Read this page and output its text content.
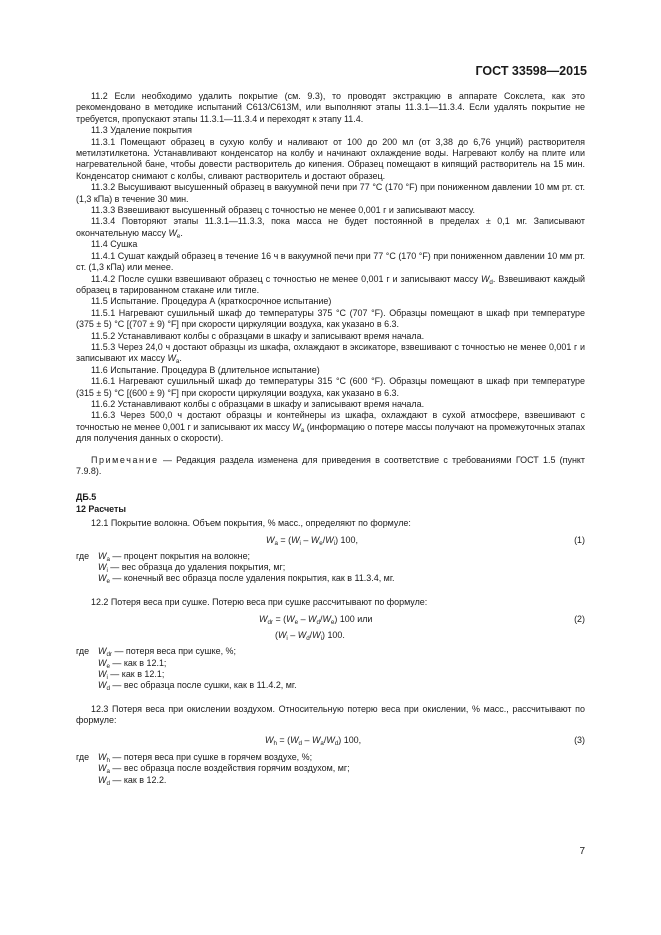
ГОСТ 33598—2015

11.2 Если необходимо удалить покрытие (см. 9.3), то проводят экстракцию в аппарате Сокслета, как это рекомендовано в методике испытаний С613/С613М, или выполняют этапы 11.3.1—11.3.4. Если удалять покрытие не требуется, пропускают этапы 11.3.1—11.3.4 и переходят к этапу 11.4.

11.3 Удаление покрытия

11.3.1 Помещают образец в сухую колбу и наливают от 100 до 200 мл (от 3,38 до 6,76 унций) растворителя метилэтилкетона. Устанавливают конденсатор на колбу и начинают охлаждение воды. Нагревают колбу на плите или нагревательной бане, чтобы довести растворитель до кипения. Образец помещают в кипящий растворитель на 15 мин. Конденсатор снимают с колбы, сливают растворитель и достают образец.

11.3.2 Высушивают высушенный образец в вакуумной печи при 77 °С (170 °F) при пониженном давлении 10 мм рт. ст. (1,3 кПа) в течение 30 мин.

11.3.3 Взвешивают высушенный образец с точностью не менее 0,001 г и записывают массу.

11.3.4 Повторяют этапы 11.3.1—11.3.3, пока масса не будет постоянной в пределах ± 0,1 мг. Записывают окончательную массу $W_e$.

11.4 Сушка

11.4.1 Сушат каждый образец в течение 16 ч в вакуумной печи при 77 °С (170 °F) при пониженном давлении 10 мм рт. ст. (1,3 кПа) или менее.

11.4.2 После сушки взвешивают образец с точностью не менее 0,001 г и записывают массу $W_d$. Взвешивают каждый образец в тарированном стакане или тигле.

11.5 Испытание. Процедура А (краткосрочное испытание)

11.5.1 Нагревают сушильный шкаф до температуры 375 °С (707 °F). Образцы помещают в шкаф при температуре (375 ± 5) °С [(707 ± 9) °F] при скорости циркуляции воздуха, как указано в 6.3.

11.5.2 Устанавливают колбы с образцами в шкафу и записывают время начала.

11.5.3 Через 24,0 ч достают образцы из шкафа, охлаждают в эксикаторе, взвешивают с точностью не менее 0,001 г и записывают их массу $W_a$.

11.6 Испытание. Процедура В (длительное испытание)

11.6.1 Нагревают сушильный шкаф до температуры 315 °С (600 °F). Образцы помещают в шкаф при температуре (315 ± 5) °С [(600 ± 9) °F] при скорости циркуляции воздуха, как указано в 6.3.

11.6.2 Устанавливают колбы с образцами в шкафу и записывают время начала.

11.6.3 Через 500,0 ч достают образцы и контейнеры из шкафа, охлаждают в сухой атмосфере, взвешивают с точностью не менее 0,001 г и записывают их массу $W_a$ (информацию о потере массы получают на промежуточных этапах для получения данных о скорости).

Примечание — Редакция раздела изменена для приведения в соответствие с требованиями ГОСТ 1.5 (пункт 7.9.8).

ДБ.5
12 Расчеты

12.1 Покрытие волокна. Объем покрытия, % масс., определяют по формуле:

$W_a = (W_i - W_e/W_i)$ 100,	(1)
где	$W_a$ — процент покрытия на волокне;
$W_i$ — вес образца до удаления покрытия, мг;
$W_e$ — конечный вес образца после удаления покрытия, как в 11.3.4, мг.

12.2 Потеря веса при сушке. Потерю веса при сушке рассчитывают по формуле:

$W_{dr} = (W_e - W_d/W_e)$ 100 или	(2)
$(W_i - W_d/W_i)$ 100.
где	$W_{dr}$ — потеря веса при сушке, %;
$W_e$ — как в 12.1;
$W_i$ — как в 12.1;
$W_d$ — вес образца после сушки, как в 11.4.2, мг.

12.3 Потеря веса при окислении воздухом. Относительную потерю веса при окислении, % масс., рассчитывают по формуле:

$W_h = (W_d - W_a/W_d)$ 100,	(3)
где	$W_h$ — потеря веса при сушке в горячем воздухе, %;
$W_a$ — вес образца после воздействия горячим воздухом, мг;
$W_d$ — как в 12.2.

7
